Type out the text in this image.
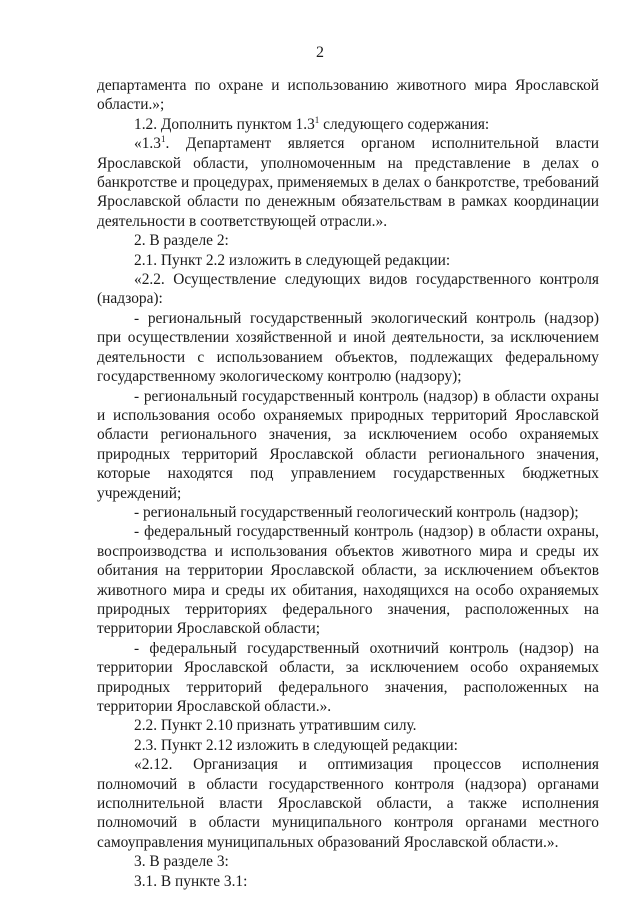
2

департамента по охране и использованию животного мира Ярославской области.»;

1.2. Дополнить пунктом $1.3^1$ следующего содержания:

«$1.3^1$. Департамент является органом исполнительной власти Ярославской области, уполномоченным на представление в делах о банкротстве и процедурах, применяемых в делах о банкротстве, требований Ярославской области по денежным обязательствам в рамках координации деятельности в соответствующей отрасли.».

2. В разделе 2:

2.1. Пункт 2.2 изложить в следующей редакции:

«2.2. Осуществление следующих видов государственного контроля (надзора):

- региональный государственный экологический контроль (надзор) при осуществлении хозяйственной и иной деятельности, за исключением деятельности с использованием объектов, подлежащих федеральному государственному экологическому контролю (надзору);

- региональный государственный контроль (надзор) в области охраны и использования особо охраняемых природных территорий Ярославской области регионального значения, за исключением особо охраняемых природных территорий Ярославской области регионального значения, которые находятся под управлением государственных бюджетных учреждений;

- региональный государственный геологический контроль (надзор);

- федеральный государственный контроль (надзор) в области охраны, воспроизводства и использования объектов животного мира и среды их обитания на территории Ярославской области, за исключением объектов животного мира и среды их обитания, находящихся на особо охраняемых природных территориях федерального значения, расположенных на территории Ярославской области;

- федеральный государственный охотничий контроль (надзор) на территории Ярославской области, за исключением особо охраняемых природных территорий федерального значения, расположенных на территории Ярославской области.».

2.2. Пункт 2.10 признать утратившим силу.

2.3. Пункт 2.12 изложить в следующей редакции:

«2.12. Организация и оптимизация процессов исполнения полномочий в области государственного контроля (надзора) органами исполнительной власти Ярославской области, а также исполнения полномочий в области муниципального контроля органами местного самоуправления муниципальных образований Ярославской области.».

3. В разделе 3:

3.1. В пункте 3.1:
